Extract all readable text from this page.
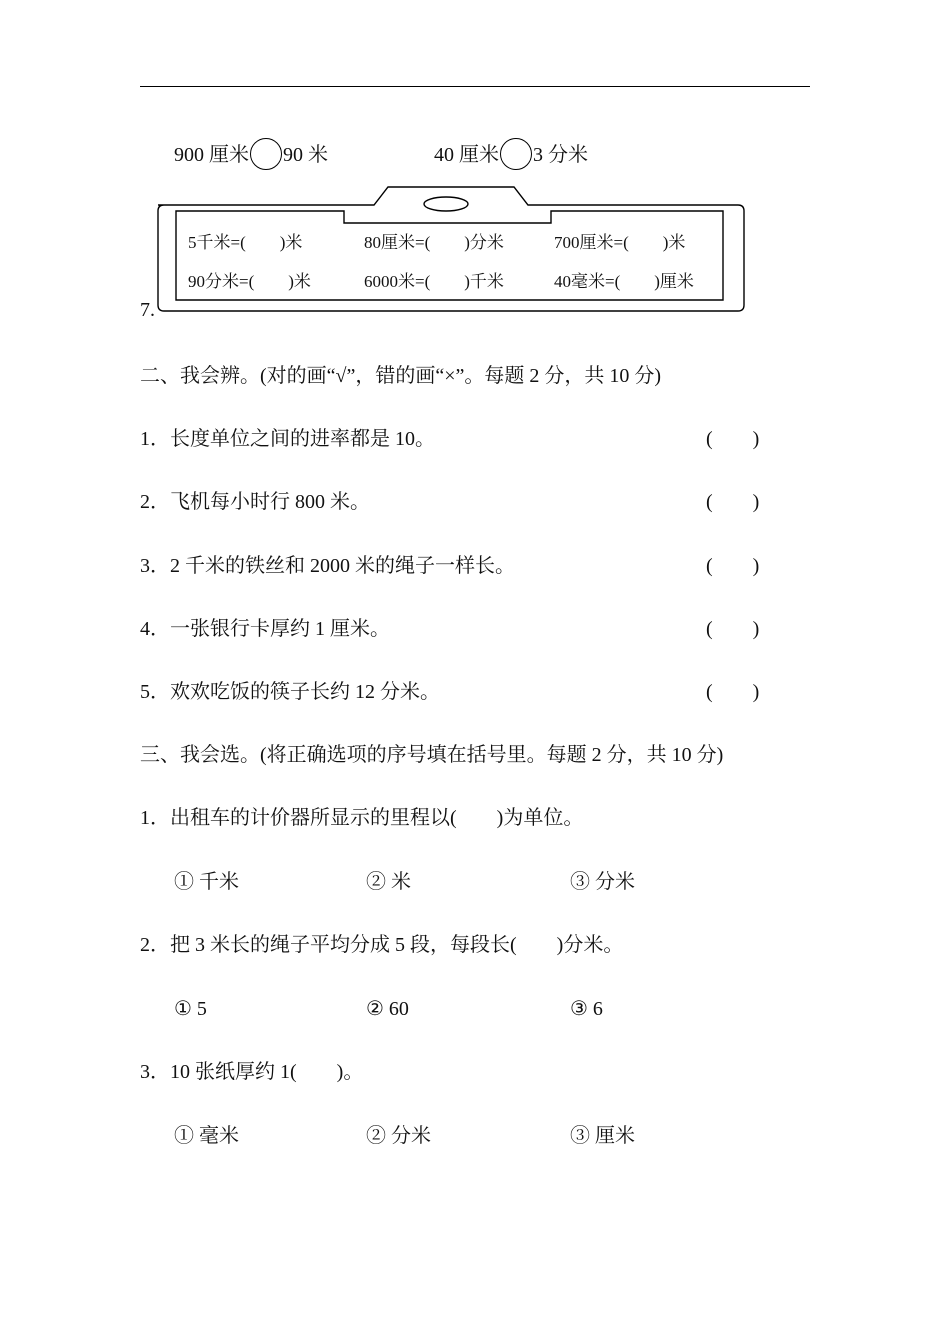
900 厘米 90 米	40 厘米 3 分米
7.
5千米=(　　)米	80厘米=(　　)分米	700厘米=(　　)米
90分米=(　　)米	6000米=(　　)千米	40毫米=(　　)厘米
二、我会辨。(对的画“√”，错的画“×”。每题 2 分，共 10 分)
1．长度单位之间的进率都是 10。	(　　)
2．飞机每小时行 800 米。	(　　)
3．2 千米的铁丝和 2000 米的绳子一样长。	(　　)
4．一张银行卡厚约 1 厘米。	(　　)
5．欢欢吃饭的筷子长约 12 分米。	(　　)
三、我会选。(将正确选项的序号填在括号里。每题 2 分，共 10 分)
1．出租车的计价器所显示的里程以(　　)为单位。
① 千米	② 米	③ 分米
2．把 3 米长的绳子平均分成 5 段，每段长(　　)分米。
① 5	② 60	③ 6
3．10 张纸厚约 1(　　)。
① 毫米	② 分米	③ 厘米
